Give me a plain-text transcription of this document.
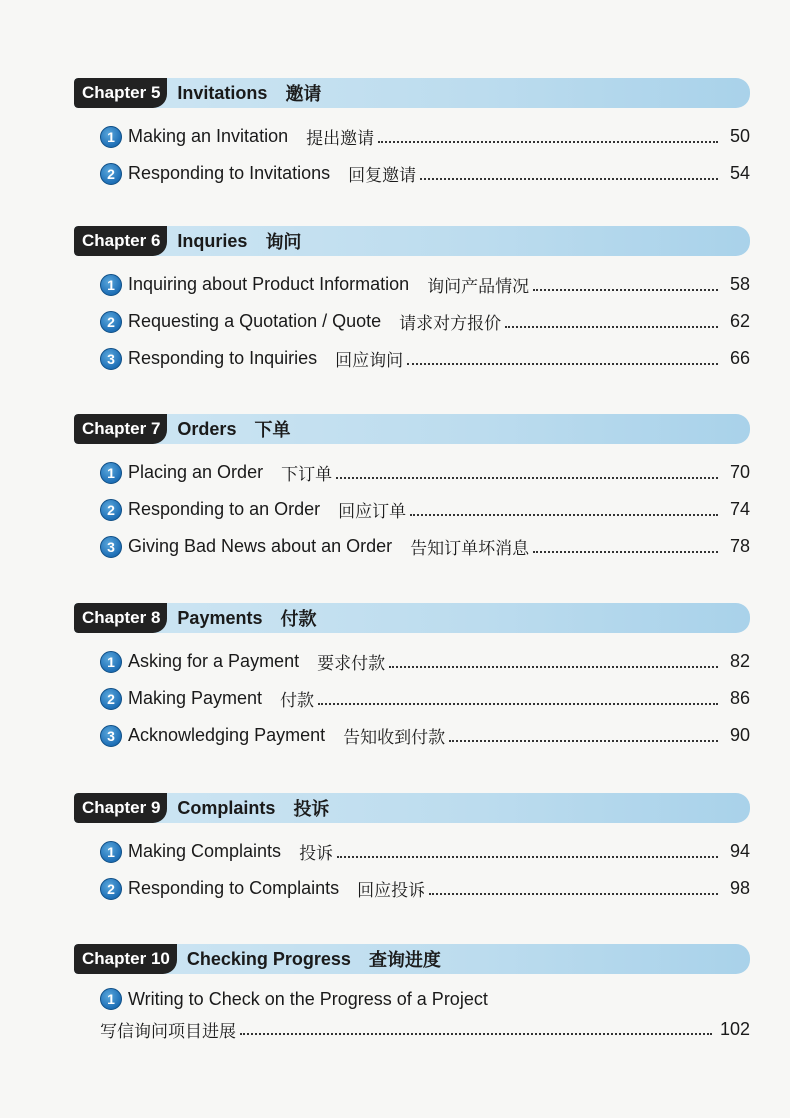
Chapter 5 Invitations 邀请
1 Making an Invitation 提出邀请	50
2 Responding to Invitations 回复邀请	54
Chapter 6 Inquries 询问
1 Inquiring about Product Information 询问产品情况	58
2 Requesting a Quotation / Quote 请求对方报价	62
3 Responding to Inquiries 回应询问	66
Chapter 7 Orders 下单
1 Placing an Order 下订单	70
2 Responding to an Order 回应订单	74
3 Giving Bad News about an Order 告知订单坏消息	78
Chapter 8 Payments 付款
1 Asking for a Payment 要求付款	82
2 Making Payment 付款	86
3 Acknowledging Payment 告知收到付款	90
Chapter 9 Complaints 投诉
1 Making Complaints 投诉	94
2 Responding to Complaints 回应投诉	98
Chapter 10 Checking Progress 查询进度
1 Writing to Check on the Progress of a Project
写信询问项目进展	102
